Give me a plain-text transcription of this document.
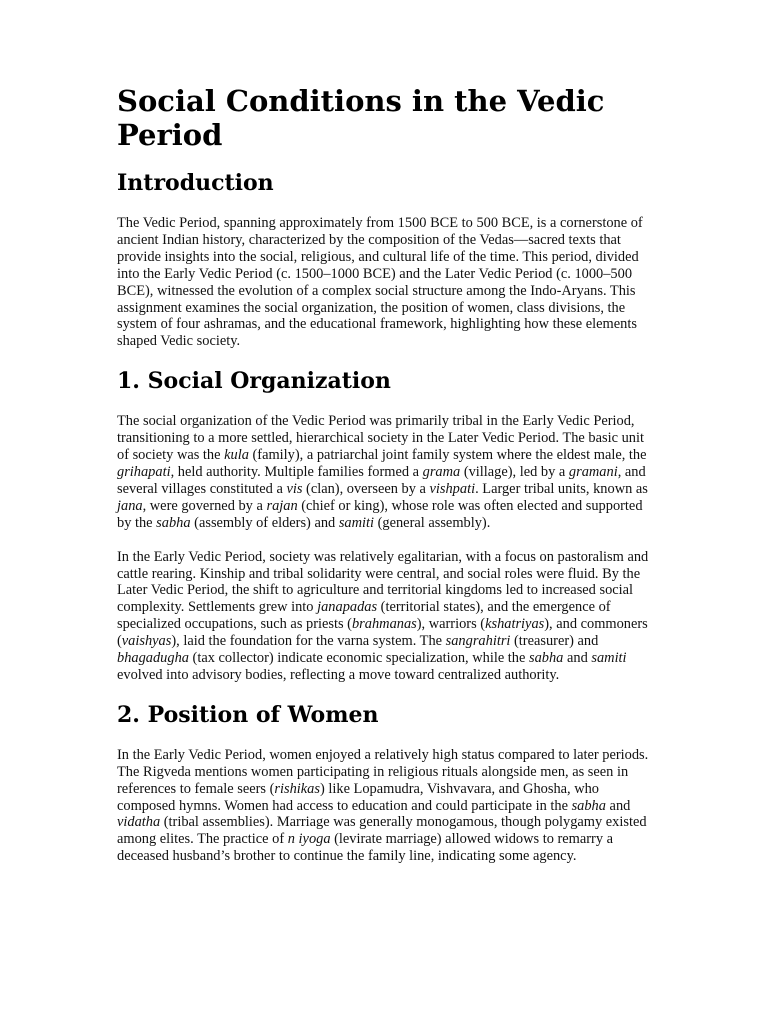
Social Conditions in the Vedic Period
Introduction

The Vedic Period, spanning approximately from 1500 BCE to 500 BCE, is a cornerstone of ancient Indian history, characterized by the composition of the Vedas—sacred texts that provide insights into the social, religious, and cultural life of the time. This period, divided into the Early Vedic Period (c. 1500–1000 BCE) and the Later Vedic Period (c. 1000–500 BCE), witnessed the evolution of a complex social structure among the Indo-Aryans. This assignment examines the social organization, the position of women, class divisions, the system of four ashramas, and the educational framework, highlighting how these elements shaped Vedic society.

1. Social Organization

The social organization of the Vedic Period was primarily tribal in the Early Vedic Period, transitioning to a more settled, hierarchical society in the Later Vedic Period. The basic unit of society was the kula (family), a patriarchal joint family system where the eldest male, the grihapati, held authority. Multiple families formed a grama (village), led by a gramani, and several villages constituted a vis (clan), overseen by a vishpati. Larger tribal units, known as jana, were governed by a rajan (chief or king), whose role was often elected and supported by the sabha (assembly of elders) and samiti (general assembly).

In the Early Vedic Period, society was relatively egalitarian, with a focus on pastoralism and cattle rearing. Kinship and tribal solidarity were central, and social roles were fluid. By the Later Vedic Period, the shift to agriculture and territorial kingdoms led to increased social complexity. Settlements grew into janapadas (territorial states), and the emergence of specialized occupations, such as priests (brahmanas), warriors (kshatriyas), and commoners (vaishyas), laid the foundation for the varna system. The sangrahitri (treasurer) and bhagadugha (tax collector) indicate economic specialization, while the sabha and samiti evolved into advisory bodies, reflecting a move toward centralized authority.

2. Position of Women

In the Early Vedic Period, women enjoyed a relatively high status compared to later periods. The Rigveda mentions women participating in religious rituals alongside men, as seen in references to female seers (rishikas) like Lopamudra, Vishvavara, and Ghosha, who composed hymns. Women had access to education and could participate in the sabha and vidatha (tribal assemblies). Marriage was generally monogamous, though polygamy existed among elites. The practice of n iyoga (levirate marriage) allowed widows to remarry a deceased husband’s brother to continue the family line, indicating some agency.
